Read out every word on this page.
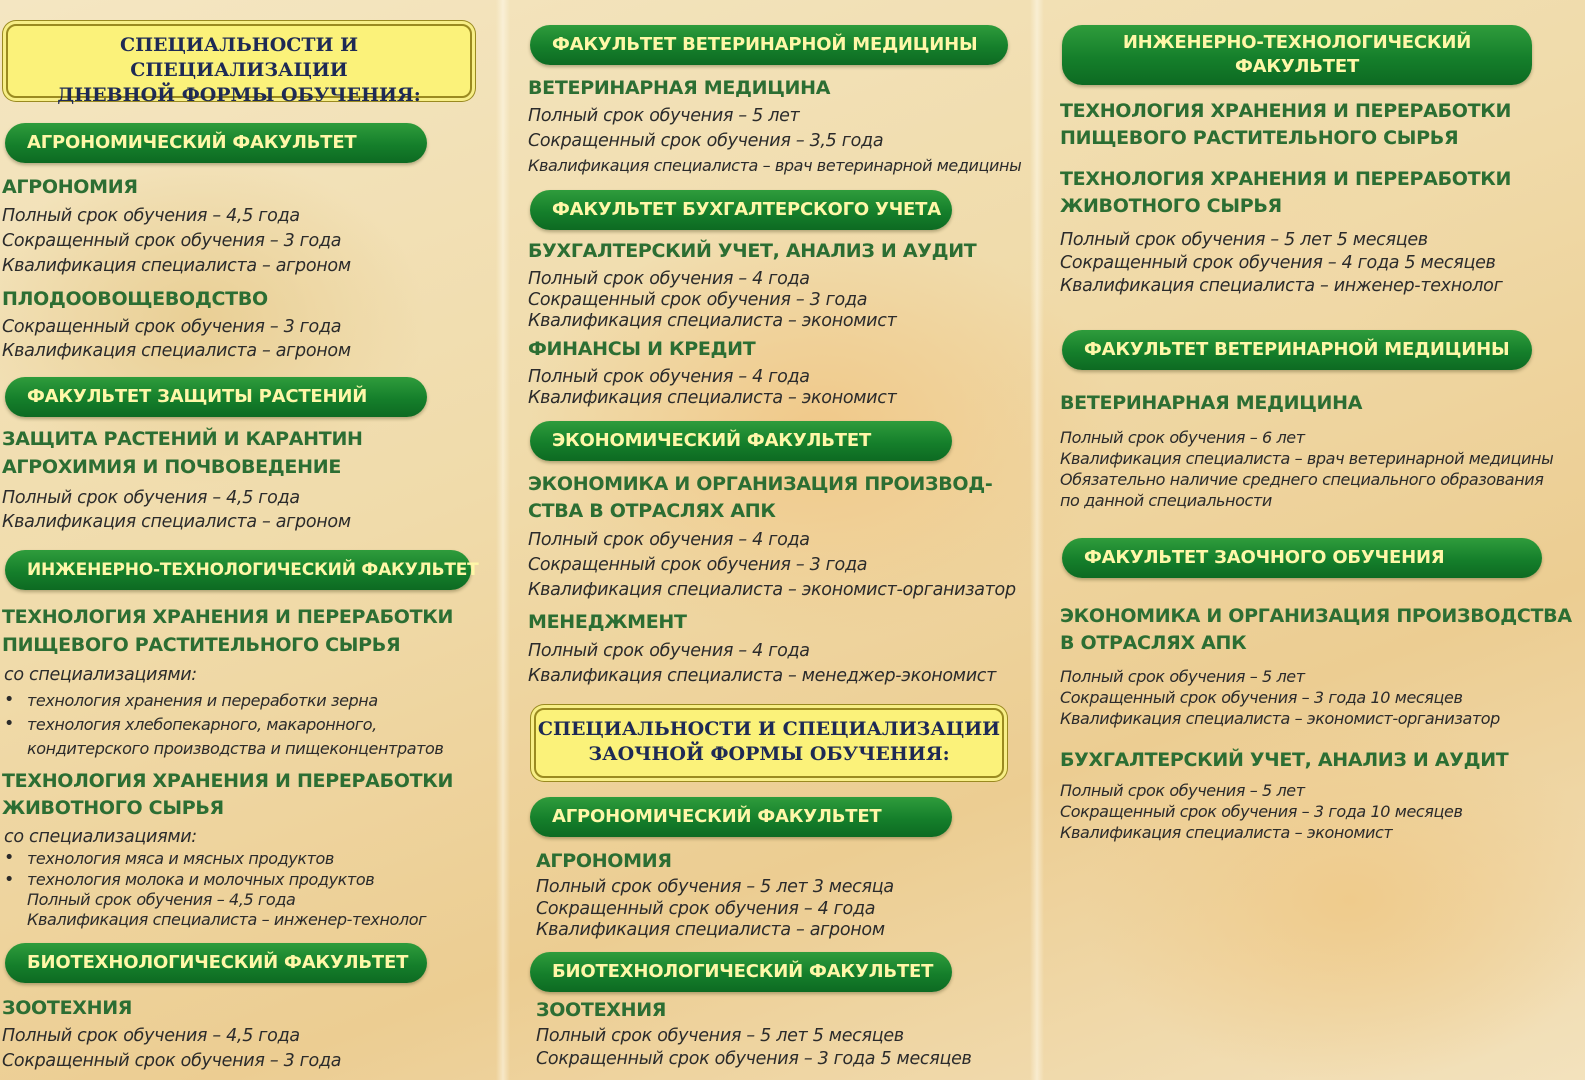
СПЕЦИАЛЬНОСТИ И СПЕЦИАЛИЗАЦИИ
ДНЕВНОЙ ФОРМЫ ОБУЧЕНИЯ:
АГРОНОМИЧЕСКИЙ ФАКУЛЬТЕТ
АГРОНОМИЯ
Полный срок обучения – 4,5 года
Сокращенный срок обучения – 3 года
Квалификация специалиста – агроном
ПЛОДООВОЩЕВОДСТВО
Сокращенный срок обучения – 3 года
Квалификация специалиста – агроном
ФАКУЛЬТЕТ ЗАЩИТЫ РАСТЕНИЙ
ЗАЩИТА РАСТЕНИЙ И КАРАНТИН
АГРОХИМИЯ И ПОЧВОВЕДЕНИЕ
Полный срок обучения – 4,5 года
Квалификация специалиста – агроном
ИНЖЕНЕРНО-ТЕХНОЛОГИЧЕСКИЙ ФАКУЛЬТЕТ
ТЕХНОЛОГИЯ ХРАНЕНИЯ И ПЕРЕРАБОТКИ
ПИЩЕВОГО РАСТИТЕЛЬНОГО СЫРЬЯ
со специализациями:
• технология хранения и переработки зерна
• технология хлебопекарного, макаронного,
кондитерского производства и пищеконцентратов
ТЕХНОЛОГИЯ ХРАНЕНИЯ И ПЕРЕРАБОТКИ
ЖИВОТНОГО СЫРЬЯ
со специализациями:
• технология мяса и мясных продуктов
• технология молока и молочных продуктов
Полный срок обучения – 4,5 года
Квалификация специалиста – инженер-технолог
БИОТЕХНОЛОГИЧЕСКИЙ ФАКУЛЬТЕТ
ЗООТЕХНИЯ
Полный срок обучения – 4,5 года
Сокращенный срок обучения – 3 года
ФАКУЛЬТЕТ ВЕТЕРИНАРНОЙ МЕДИЦИНЫ
ВЕТЕРИНАРНАЯ МЕДИЦИНА
Полный срок обучения – 5 лет
Сокращенный срок обучения – 3,5 года
Квалификация специалиста – врач ветеринарной медицины
ФАКУЛЬТЕТ БУХГАЛТЕРСКОГО УЧЕТА
БУХГАЛТЕРСКИЙ УЧЕТ, АНАЛИЗ И АУДИТ
Полный срок обучения – 4 года
Сокращенный срок обучения – 3 года
Квалификация специалиста – экономист
ФИНАНСЫ И КРЕДИТ
Полный срок обучения – 4 года
Квалификация специалиста – экономист
ЭКОНОМИЧЕСКИЙ ФАКУЛЬТЕТ
ЭКОНОМИКА И ОРГАНИЗАЦИЯ ПРОИЗВОД-
СТВА В ОТРАСЛЯХ АПК
Полный срок обучения – 4 года
Сокращенный срок обучения – 3 года
Квалификация специалиста – экономист-организатор
МЕНЕДЖМЕНТ
Полный срок обучения – 4 года
Квалификация специалиста – менеджер-экономист
СПЕЦИАЛЬНОСТИ И СПЕЦИАЛИЗАЦИИ
ЗАОЧНОЙ ФОРМЫ ОБУЧЕНИЯ:
АГРОНОМИЧЕСКИЙ ФАКУЛЬТЕТ
АГРОНОМИЯ
Полный срок обучения – 5 лет 3 месяца
Сокращенный срок обучения – 4 года
Квалификация специалиста – агроном
БИОТЕХНОЛОГИЧЕСКИЙ ФАКУЛЬТЕТ
ЗООТЕХНИЯ
Полный срок обучения – 5 лет 5 месяцев
Сокращенный срок обучения – 3 года 5 месяцев
ИНЖЕНЕРНО-ТЕХНОЛОГИЧЕСКИЙ
ФАКУЛЬТЕТ
ТЕХНОЛОГИЯ ХРАНЕНИЯ И ПЕРЕРАБОТКИ
ПИЩЕВОГО РАСТИТЕЛЬНОГО СЫРЬЯ
ТЕХНОЛОГИЯ ХРАНЕНИЯ И ПЕРЕРАБОТКИ
ЖИВОТНОГО СЫРЬЯ
Полный срок обучения – 5 лет 5 месяцев
Сокращенный срок обучения – 4 года 5 месяцев
Квалификация специалиста – инженер-технолог
ФАКУЛЬТЕТ ВЕТЕРИНАРНОЙ МЕДИЦИНЫ
ВЕТЕРИНАРНАЯ МЕДИЦИНА
Полный срок обучения – 6 лет
Квалификация специалиста – врач ветеринарной медицины
Обязательно наличие среднего специального образования
по данной специальности
ФАКУЛЬТЕТ ЗАОЧНОГО ОБУЧЕНИЯ
ЭКОНОМИКА И ОРГАНИЗАЦИЯ ПРОИЗВОДСТВА
В ОТРАСЛЯХ АПК
Полный срок обучения – 5 лет
Сокращенный срок обучения – 3 года 10 месяцев
Квалификация специалиста – экономист-организатор
БУХГАЛТЕРСКИЙ УЧЕТ, АНАЛИЗ И АУДИТ
Полный срок обучения – 5 лет
Сокращенный срок обучения – 3 года 10 месяцев
Квалификация специалиста – экономист
